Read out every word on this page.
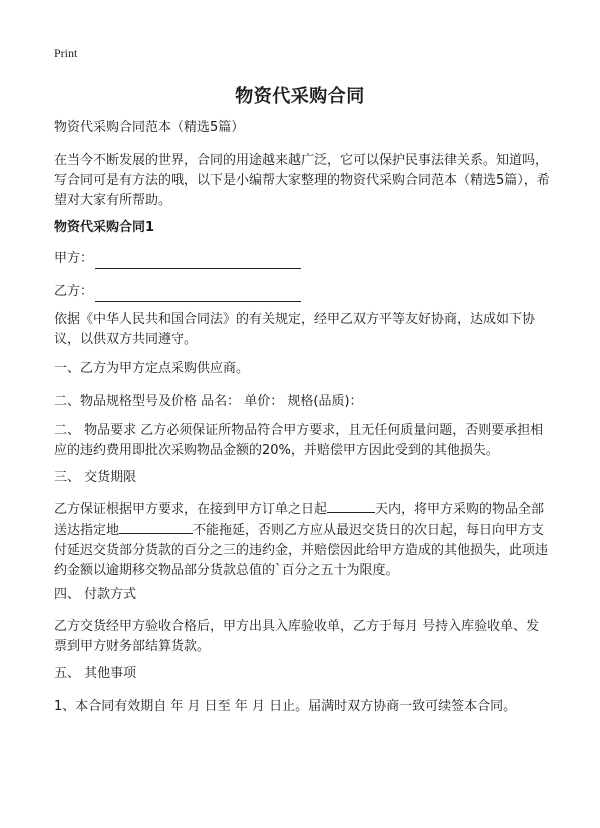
Print
物资代采购合同
物资代采购合同范本（精选5篇）
在当今不断发展的世界，合同的用途越来越广泛，它可以保护民事法律关系。知道吗，写合同可是有方法的哦，以下是小编帮大家整理的物资代采购合同范本（精选5篇），希望对大家有所帮助。
物资代采购合同1
甲方：
乙方：
依据《中华人民共和国合同法》的有关规定，经甲乙双方平等友好协商，达成如下协议，以供双方共同遵守。
一、乙方为甲方定点采购供应商。
二、物品规格型号及价格 品名： 单价： 规格(品质)：
二、 物品要求 乙方必须保证所物品符合甲方要求，且无任何质量问题，否则要承担相应的违约费用即批次采购物品金额的20%，并赔偿甲方因此受到的其他损失。
三、 交货期限
乙方保证根据甲方要求，在接到甲方订单之日起	天内，将甲方采购的物品全部送达指定地	不能拖延，否则乙方应从最迟交货日的次日起，每日向甲方支付延迟交货部分货款的百分之三的违约金，并赔偿因此给甲方造成的其他损失，此项违约金额以逾期移交物品部分货款总值的`百分之五十为限度。
四、 付款方式
乙方交货经甲方验收合格后，甲方出具入库验收单，乙方于每月 号持入库验收单、发票到甲方财务部结算货款。
五、 其他事项
1、本合同有效期自 年 月 日至 年 月 日止。届满时双方协商一致可续签本合同。
